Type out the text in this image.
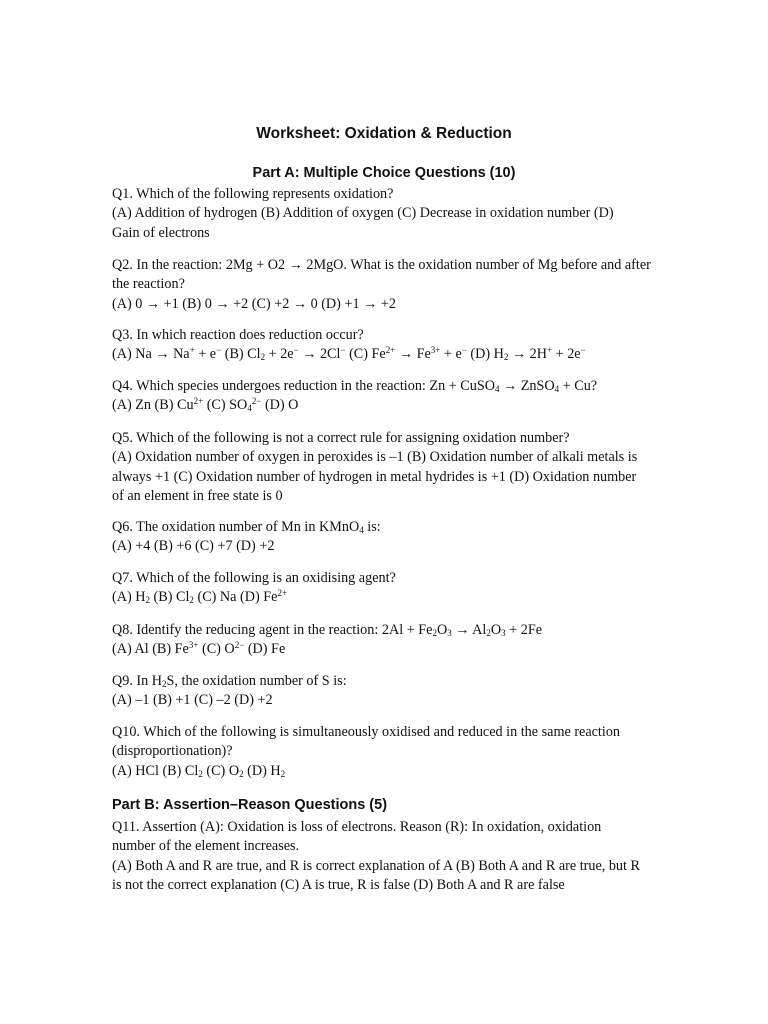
Worksheet: Oxidation & Reduction
Part A: Multiple Choice Questions (10)
Q1. Which of the following represents oxidation?
(A) Addition of hydrogen (B) Addition of oxygen (C) Decrease in oxidation number (D)
Gain of electrons
Q2. In the reaction: 2Mg + O2 → 2MgO. What is the oxidation number of Mg before and after
the reaction?
(A) 0 → +1 (B) 0 → +2 (C) +2 → 0 (D) +1 → +2
Q3. In which reaction does reduction occur?
(A) Na → Na+ + e− (B) $Cl_2 + 2e^- \to 2Cl^-$ (C) $Fe^{2+} \to Fe^{3+} + e^-$ (D) $H_2 \to 2H^+ + 2e^-$
Q4. Which species undergoes reduction in the reaction: Zn + CuSO$_4$ → ZnSO$_4$ + Cu?
(A) Zn (B) $Cu^{2+}$ (C) $SO_4^{2-}$ (D) O
Q5. Which of the following is not a correct rule for assigning oxidation number?
(A) Oxidation number of oxygen in peroxides is –1 (B) Oxidation number of alkali metals is
always +1 (C) Oxidation number of hydrogen in metal hydrides is +1 (D) Oxidation number
of an element in free state is 0
Q6. The oxidation number of Mn in KMnO$_4$ is:
(A) +4 (B) +6 (C) +7 (D) +2
Q7. Which of the following is an oxidising agent?
(A) $H_2$ (B) $Cl_2$ (C) Na (D) $Fe^{2+}$
Q8. Identify the reducing agent in the reaction: $2Al + Fe_2O_3 \to Al_2O_3 + 2Fe$
(A) Al (B) $Fe^{3+}$ (C) $O^{2-}$ (D) Fe
Q9. In $H_2S$, the oxidation number of S is:
(A) –1 (B) +1 (C) –2 (D) +2
Q10. Which of the following is simultaneously oxidised and reduced in the same reaction
(disproportionation)?
(A) HCl (B) $Cl_2$ (C) $O_2$ (D) $H_2$
Part B: Assertion–Reason Questions (5)
Q11. Assertion (A): Oxidation is loss of electrons. Reason (R): In oxidation, oxidation
number of the element increases.
(A) Both A and R are true, and R is correct explanation of A (B) Both A and R are true, but R
is not the correct explanation (C) A is true, R is false (D) Both A and R are false
